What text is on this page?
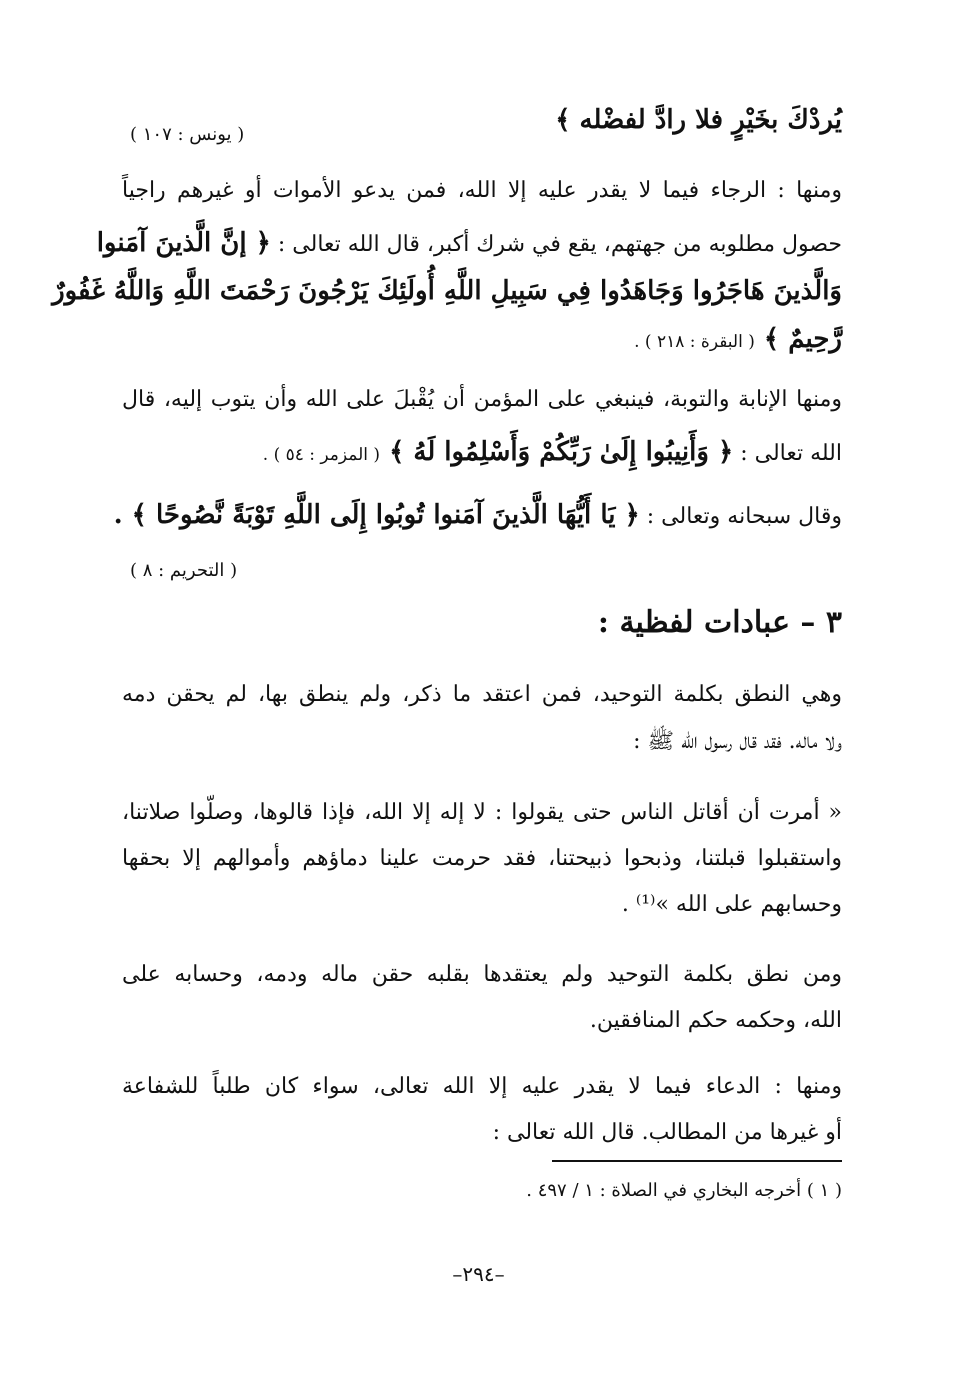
يُردْكَ بخَيْرٍ فلا رادَّ لفضْله ﴾
( يونس : ١٠٧ )
ومنها : الرجاء فيما لا يقدر عليه إلا الله، فمن يدعو الأموات أو غيرهم راجياً
حصول مطلوبه من جهتهم، يقع في شرك أكبر، قال الله تعالى : ﴿ إنَّ الَّذينَ آمَنوا
وَالَّذينَ هَاجَرُوا وَجَاهَدُوا فِي سَبِيلِ اللَّهِ أُولَئِكَ يَرْجُونَ رَحْمَتَ اللَّهِ وَاللَّهُ غَفُورٌ
رَّحِيمٌ ﴾ ( البقرة : ٢١٨ ) .
ومنها الإنابة والتوبة، فينبغي على المؤمن أن يُقْبلَ على الله وأن يتوب إليه، قال
الله تعالى : ﴿ وَأَنِيبُوا إِلَىٰ رَبِّكُمْ وَأَسْلِمُوا لَهُ ﴾ ( المزمر : ٥٤ ) .
وقال سبحانه وتعالى : ﴿ يَا أَيُّهَا الَّذينَ آمَنوا تُوبُوا إِلَى اللَّهِ تَوْبَةً نَّصُوحًا ﴾ .
( التحريم : ٨ )
٣ – عبادات لفظية :
وهي النطق بكلمة التوحيد، فمن اعتقد ما ذكر، ولم ينطق بها، لم يحقن دمه
ولا ماله. فقد قال رسول الله ﷺ :
« أمرت أن أقاتل الناس حتى يقولوا : لا إله إلا الله، فإذا قالوها، وصلّوا صلاتنا،
واستقبلوا قبلتنا، وذبحوا ذبيحتنا، فقد حرمت علينا دماؤهم وأموالهم إلا بحقها
وحسابهم على الله »⁽¹⁾ .
ومن نطق بكلمة التوحيد ولم يعتقدها بقلبه حقن ماله ودمه، وحسابه على
الله، وحكمه حكم المنافقين.
ومنها : الدعاء فيما لا يقدر عليه إلا الله تعالى، سواء كان طلباً للشفاعة
أو غيرها من المطالب. قال الله تعالى :
( ١ ) أخرجه البخاري في الصلاة : ١ / ٤٩٧ .
–٢٩٤–
